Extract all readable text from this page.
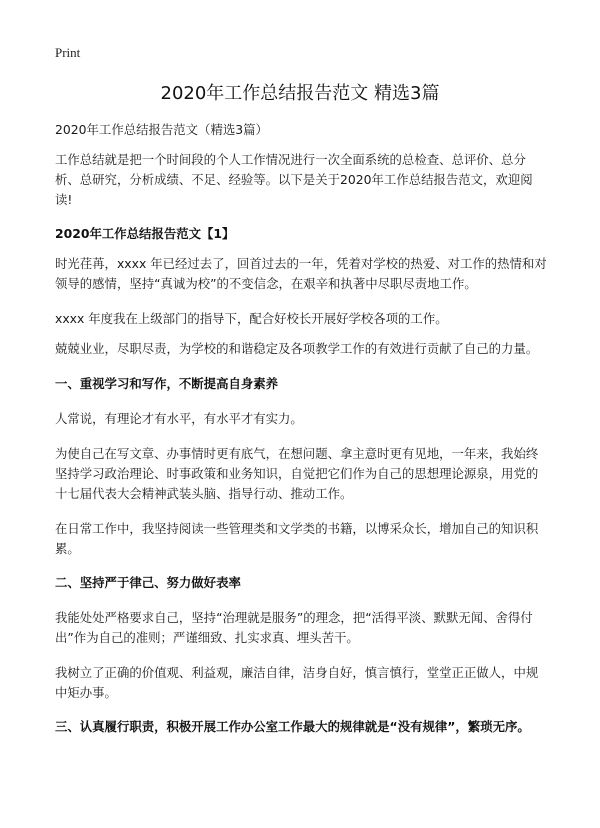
Print
2020年工作总结报告范文 精选3篇

2020年工作总结报告范文（精选3篇）

工作总结就是把一个时间段的个人工作情况进行一次全面系统的总检查、总评价、总分析、总研究，分析成绩、不足、经验等。以下是关于2020年工作总结报告范文，欢迎阅读!

2020年工作总结报告范文【1】

时光荏苒，xxxx 年已经过去了，回首过去的一年，凭着对学校的热爱、对工作的热情和对领导的感情，坚持“真诚为校”的不变信念，在艰辛和执著中尽职尽责地工作。

xxxx 年度我在上级部门的指导下，配合好校长开展好学校各项的工作。

兢兢业业，尽职尽责，为学校的和谐稳定及各项教学工作的有效进行贡献了自己的力量。

一、重视学习和写作，不断提高自身素养

人常说，有理论才有水平，有水平才有实力。

为使自己在写文章、办事情时更有底气，在想问题、拿主意时更有见地，一年来，我始终坚持学习政治理论、时事政策和业务知识，自觉把它们作为自己的思想理论源泉，用党的十七届代表大会精神武装头脑、指导行动、推动工作。

在日常工作中，我坚持阅读一些管理类和文学类的书籍，以博采众长，增加自己的知识积累。

二、坚持严于律己、努力做好表率

我能处处严格要求自己，坚持“治理就是服务”的理念，把“活得平淡、默默无闻、舍得付出”作为自己的准则；严谨细致、扎实求真、埋头苦干。

我树立了正确的价值观、利益观，廉洁自律，洁身自好，慎言慎行，堂堂正正做人，中规中矩办事。

三、认真履行职责，积极开展工作办公室工作最大的规律就是“没有规律”，繁琐无序。
